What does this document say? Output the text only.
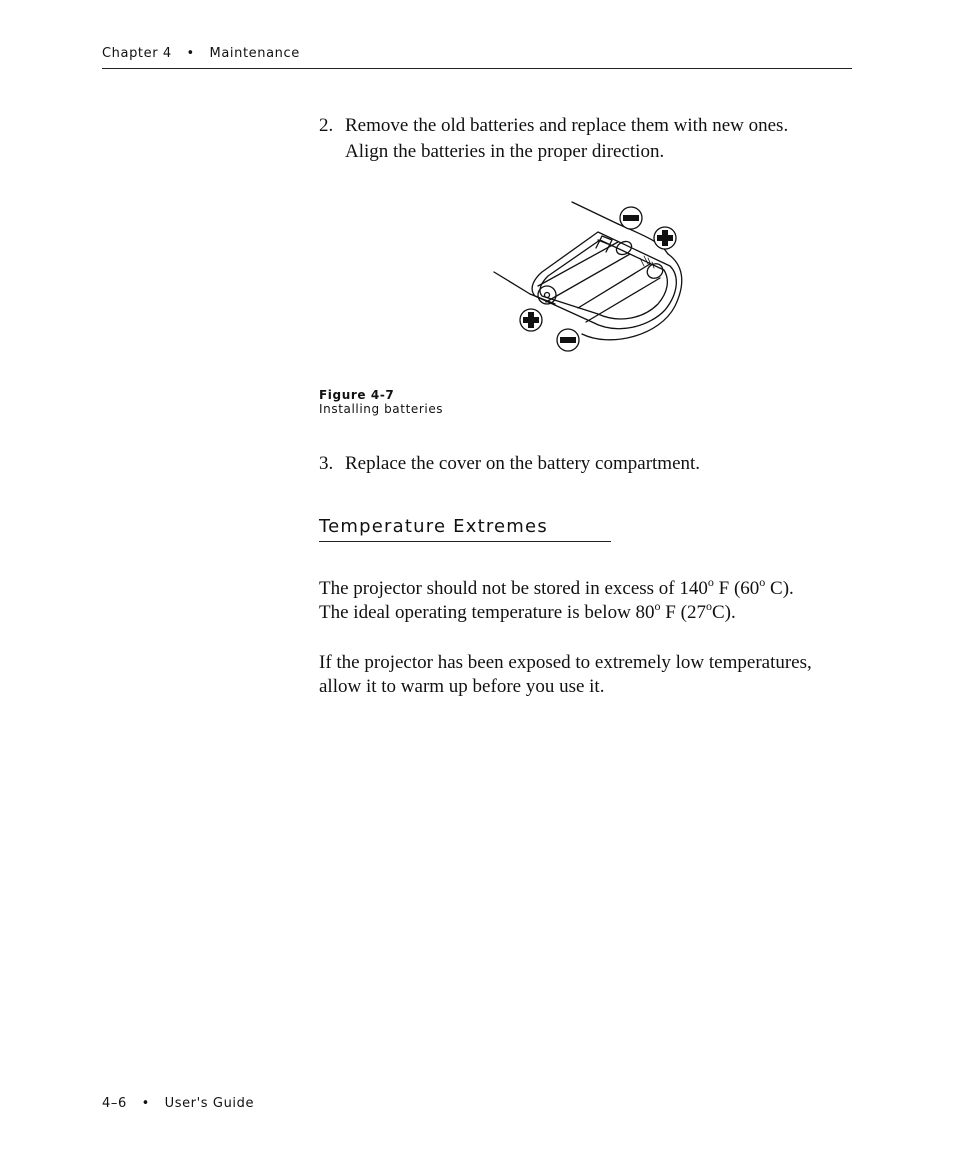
Chapter 4 • Maintenance
2. Remove the old batteries and replace them with new ones.
Align the batteries in the proper direction.
Figure 4-7
Installing batteries
3. Replace the cover on the battery compartment.
Temperature Extremes
The projector should not be stored in excess of 140$^o$ F (60$^o$ C).
The ideal operating temperature is below 80$^o$ F (27$^o$C).
If the projector has been exposed to extremely low temperatures,
allow it to warm up before you use it.
4–6 • User's Guide
